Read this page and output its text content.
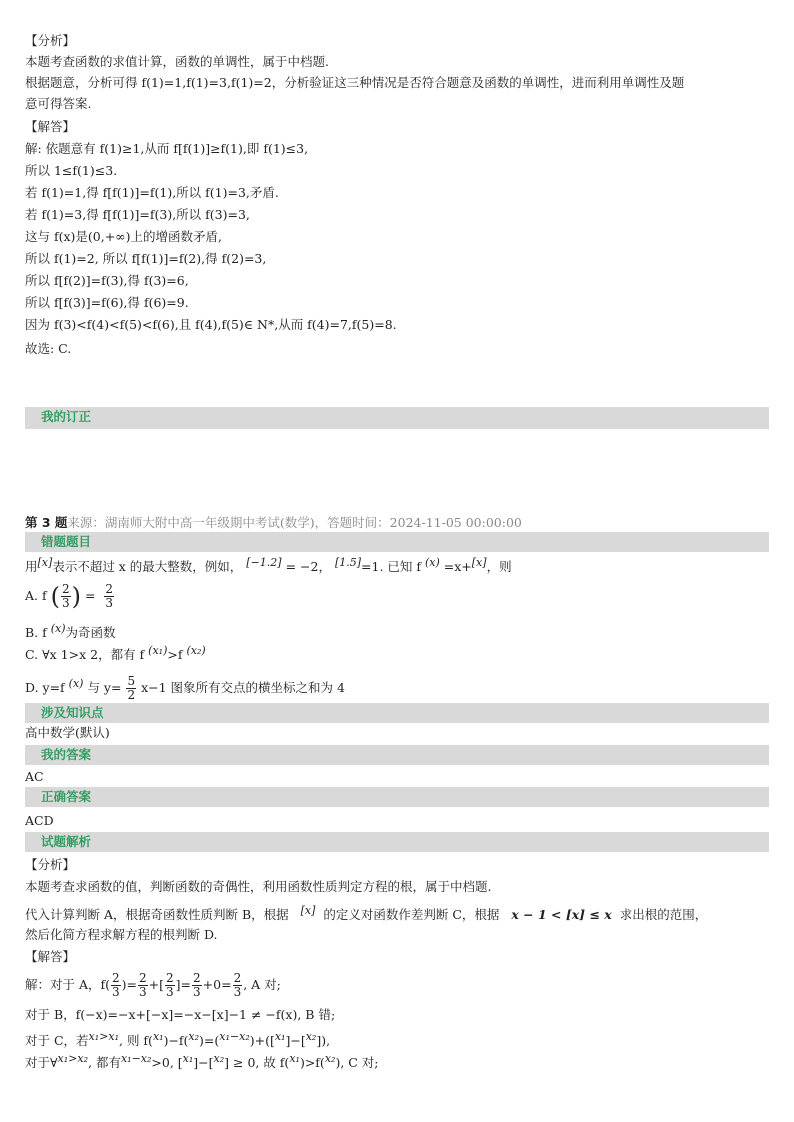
【分析】
本题考查函数的求值计算，函数的单调性，属于中档题.
根据题意，分析可得 f(1)=1,f(1)=3,f(1)=2，分析验证这三种情况是否符合题意及函数的单调性，进而利用单调性及题
意可得答案.
【解答】
解: 依题意有 f(1)≥1,从而 f[f(1)]≥f(1),即 f(1)≤3,
所以 1≤f(1)≤3.
若 f(1)=1,得 f[f(1)]=f(1),所以 f(1)=3,矛盾.
若 f(1)=3,得 f[f(1)]=f(3),所以 f(3)=3,
这与 f(x)是(0,+∞)上的增函数矛盾,
所以 f(1)=2, 所以 f[f(1)]=f(2),得 f(2)=3,
所以 f[f(2)]=f(3),得 f(3)=6,
所以 f[f(3)]=f(6),得 f(6)=9.
因为 f(3)<f(4)<f(5)<f(6),且 f(4),f(5)∈ N*,从而 f(4)=7,f(5)=8.
故选: C.
我的订正
第 3 题来源：湖南师大附中高一年级期中考试(数学)，答题时间：2024-11-05 00:00:00
错题题目
用[x]表示不超过 x 的最大整数，例如， [−1.2] = −2， [1.5]=1. 已知 f (x) =x+[x]，则
A. f ( $\frac{2}{3}$ ) = $\frac{2}{3}$
B. f (x)为奇函数
C. ∀x 1>x 2，都有 f (x₁)>f (x₂)
D. y=f (x) 与 $y= \frac{5}{2} x-1$ 图象所有交点的横坐标之和为 4
涉及知识点
高中数学(默认)
我的答案
AC
正确答案
ACD
试题解析
【分析】
本题考查求函数的值，判断函数的奇偶性，利用函数性质判定方程的根，属于中档题.
代入计算判断 A，根据奇函数性质判断 B，根据 [x] 的定义对函数作差判断 C，根据 x − 1 < [x] ≤ x 求出根的范围，
然后化简方程求解方程的根判断 D.
【解答】
解：对于 A，$f( \frac{2}{3}$ )= $\frac{2}{3}$ +[ $\frac{2}{3}$ ]= $\frac{2}{3} +0= \frac{2}{3}$ , A 对;
对于 B，f(−x)=−x+[−x]=−x−[x]−1 ≠ −f(x), B 错;
对于 C，若x₁>x₁, 则 f(x₁)−f(x₂)=(x₁−x₂)+([x₁]−[x₂]),
对于∀x₁>x₂, 都有x₁−x₂>0, [x₁]−[x₂] ≥ 0, 故 f(x₁)>f(x₂), C 对;
